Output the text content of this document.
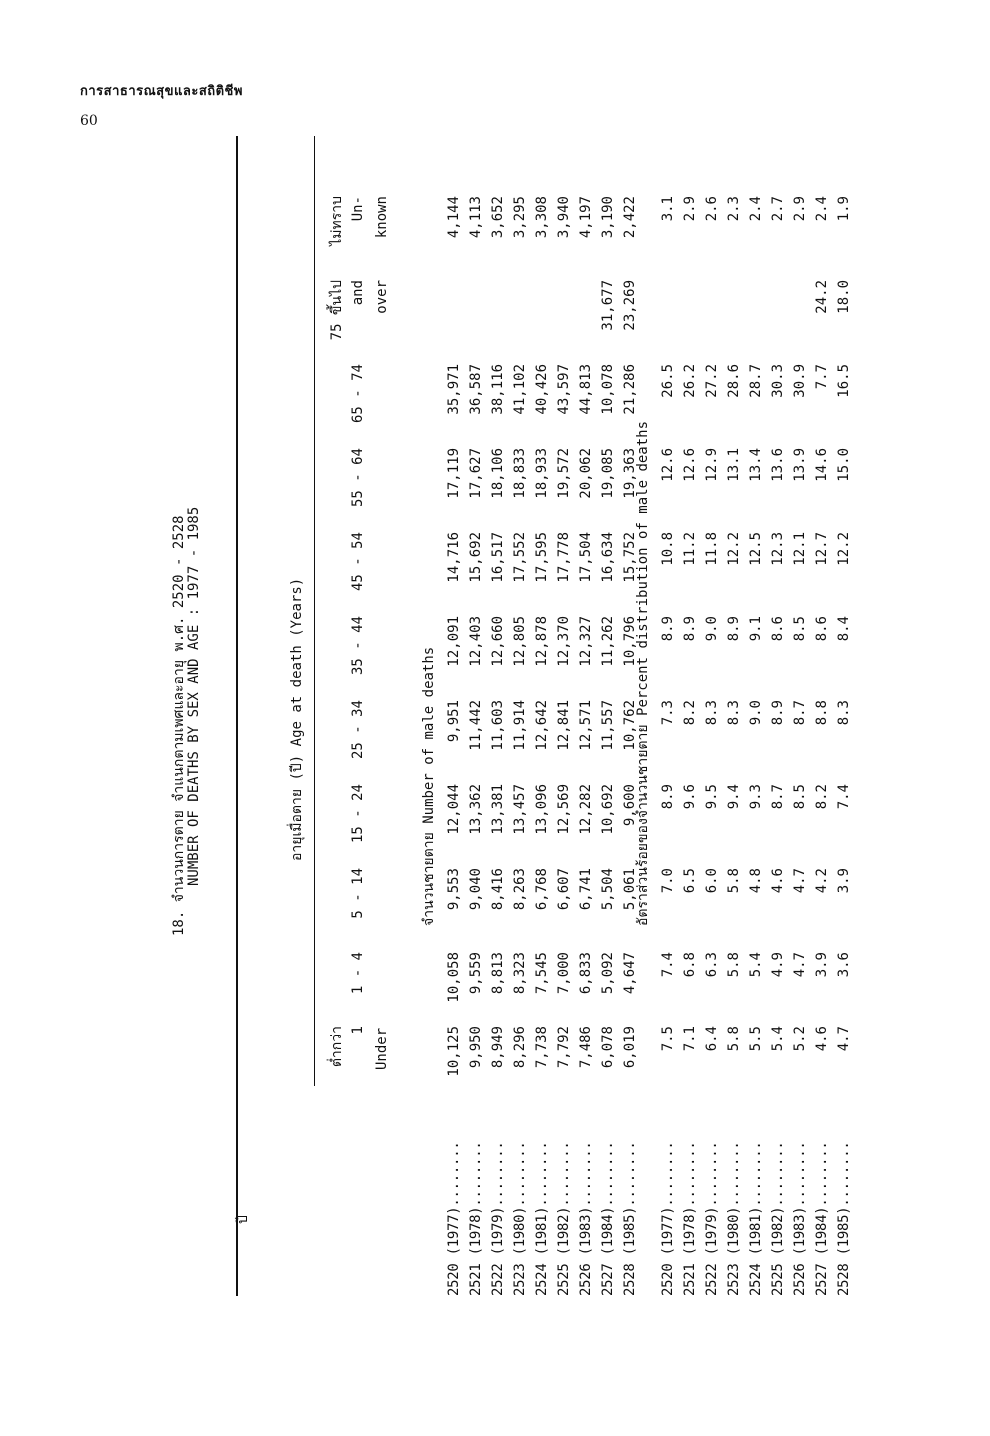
การสาธารณสุขและสถิติชีพ
60
18. จำนวนการตาย จำแนกตามเพศและอายุ พ.ศ. 2520 - 2528 NUMBER OF DEATHS BY SEX AND AGE : 1977 - 1985
ปี
อายุเมื่อตาย (ปี) Age at death (Years)
ต่ำกว่า 1 Under
1 - 4
5 - 14
15 - 24
25 - 34
35 - 44
45 - 54
55 - 64
65 - 74
75 ขึ้นไป and over
ไม่ทราบ Un- known
จำนวนชายตาย Number of male deaths
2520 (1977)........
10,125
10,058
9,553
12,044
9,951
12,091
14,716
17,119
35,971
4,144
2521 (1978)........
9,950
9,559
9,040
13,362
11,442
12,403
15,692
17,627
36,587
4,113
2522 (1979)........
8,949
8,813
8,416
13,381
11,603
12,660
16,517
18,106
38,116
3,652
2523 (1980)........
8,296
8,323
8,263
13,457
11,914
12,805
17,552
18,833
41,102
3,295
2524 (1981)........
7,738
7,545
6,768
13,096
12,642
12,878
17,595
18,933
40,426
3,308
2525 (1982)........
7,792
7,000
6,607
12,569
12,841
12,370
17,778
19,572
43,597
3,940
2526 (1983)........
7,486
6,833
6,741
12,282
12,571
12,327
17,504
20,062
44,813
4,197
2527 (1984)........
6,078
5,092
5,504
10,692
11,557
11,262
16,634
19,085
10,078
31,677
3,190
2528 (1985)........
6,019
4,647
5,061
9,600
10,762
10,796
15,752
19,363
21,286
23,269
2,422
อัตราส่วนร้อยของจำนวนชายตาย Percent distribution of male deaths
2520 (1977)........
7.5
7.4
7.0
8.9
7.3
8.9
10.8
12.6
26.5
3.1
2521 (1978)........
7.1
6.8
6.5
9.6
8.2
8.9
11.2
12.6
26.2
2.9
2522 (1979)........
6.4
6.3
6.0
9.5
8.3
9.0
11.8
12.9
27.2
2.6
2523 (1980)........
5.8
5.8
5.8
9.4
8.3
8.9
12.2
13.1
28.6
2.3
2524 (1981)........
5.5
5.4
4.8
9.3
9.0
9.1
12.5
13.4
28.7
2.4
2525 (1982)........
5.4
4.9
4.6
8.7
8.9
8.6
12.3
13.6
30.3
2.7
2526 (1983)........
5.2
4.7
4.7
8.5
8.7
8.5
12.1
13.9
30.9
2.9
2527 (1984)........
4.6
3.9
4.2
8.2
8.8
8.6
12.7
14.6
7.7
24.2
2.4
2528 (1985)........
4.7
3.6
3.9
7.4
8.3
8.4
12.2
15.0
16.5
18.0
1.9
